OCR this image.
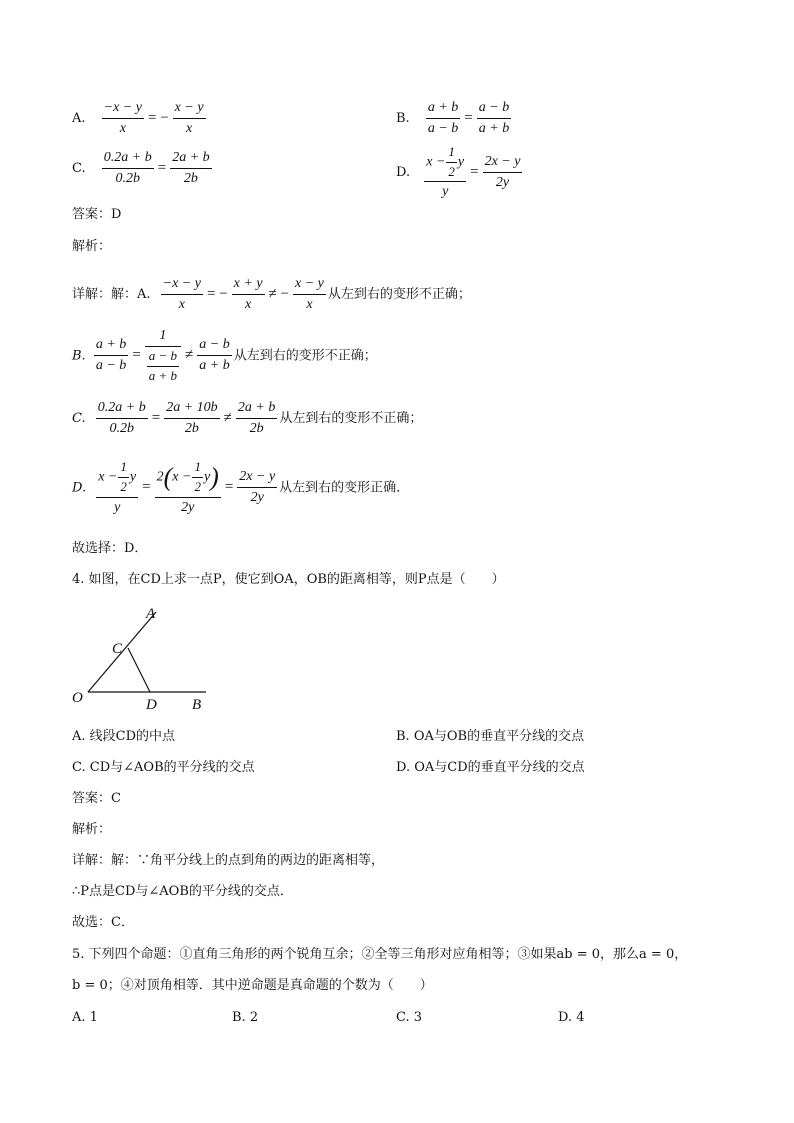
A. $\frac{-x - y}{x}$ = − $\frac{x - y}{x}$	B. $\frac{a + b}{a - b} = \frac{a - b}{a + b}$
C. $\frac{0.2a + b}{0.2b} = \frac{2a + b}{2b}$	D. $\frac{x - \frac{1}{2} y}{y} = \frac{2x - y}{2y}$
答案：D
解析：
详解：解：A. $\frac{-x - y}{x}$ = − $\frac{x + y}{x}$ ≠ − $\frac{x - y}{x}$ 从左到右的变形不正确；
B. $\frac{a + b}{a - b} = \frac{1}{\frac{a - b}{a + b}} \ne \frac{a - b}{a + b}$ 从左到右的变形不正确；
C. $\frac{0.2a + b}{0.2b} = \frac{2a + 10b}{2b} \ne \frac{2a + b}{2b}$ 从左到右的变形不正确；
D. $\frac{x - \frac{1}{2} y}{y} = \frac{2(x - \frac{1}{2} y)}{2y} = \frac{2x - y}{2y}$ 从左到右的变形正确．
故选择：D．
4. 如图，在CD上求一点P，使它到OA，OB的距离相等，则P点是（　　）
A
C
O	D B
A. 线段CD的中点	B. OA与OB的垂直平分线的交点
C. CD与∠AOB的平分线的交点	D. OA与CD的垂直平分线的交点
答案：C
解析：
详解：解：∵角平分线上的点到角的两边的距离相等，
∴P点是CD与∠AOB的平分线的交点．
故选：C．
5. 下列四个命题：①直角三角形的两个锐角互余；②全等三角形对应角相等；③如果ab = 0，那么a = 0，
b = 0；④对顶角相等．其中逆命题是真命题的个数为（　　）
A. 1	B. 2	C. 3	D. 4
